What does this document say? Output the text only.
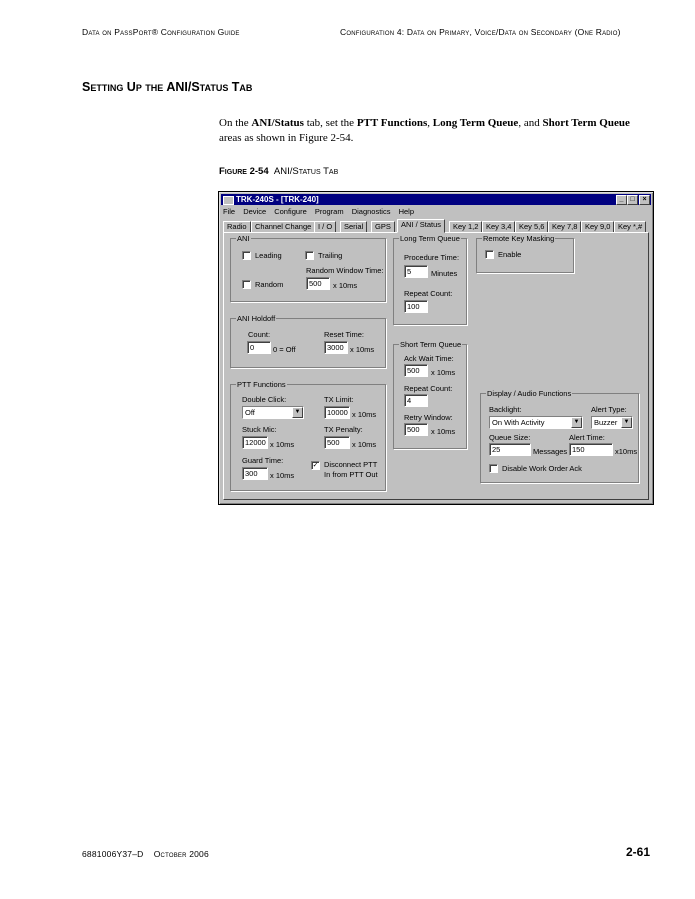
Data on PassPort® Configuration Guide	Configuration 4: Data on Primary, Voice/Data on Secondary (One Radio)
Setting Up the ANI/Status Tab
On the ANI/Status tab, set the PTT Functions, Long Term Queue, and Short Term Queue areas as shown in Figure 2-54.
Figure 2-54 ANI/Status Tab
TRK-240S - [TRK-240]	_ □	×
File Device Configure Program Diagnostics Help
Radio	Channel Change I / O	Serial	GPS	ANI / Status	Key 1,2	Key 3,4	Key 5,6	Key 7,8	Key 9,0	Key *,#
ANI
Leading	Trailing
Random Window Time:
Random	500	x 10ms
ANI Holdoff
Count:
0	0 = Off
Reset Time:
3000 x 10ms
PTT Functions
Double Click:
Off	▼
TX Limit:
10000 x 10ms
Stuck Mic:
12000 x 10ms
TX Penalty:
500	x 10ms
Guard Time:
300	x 10ms
✓ Disconnect PTT
In from PTT Out
Long Term Queue
Procedure Time:
5	Minutes
Repeat Count:
100
Short Term Queue
Ack Wait Time:
500	x 10ms
Repeat Count:
4
Retry Window:
500	x 10ms
Remote Key Masking
Enable
Display / Audio Functions
Backlight:
On With Activity	▼
Alert Type:
Buzzer	▼
Queue Size:
25	Messages
Alert Time:
150	x10ms
Disable Work Order Ack
6881006Y37–D October 2006	2-61
